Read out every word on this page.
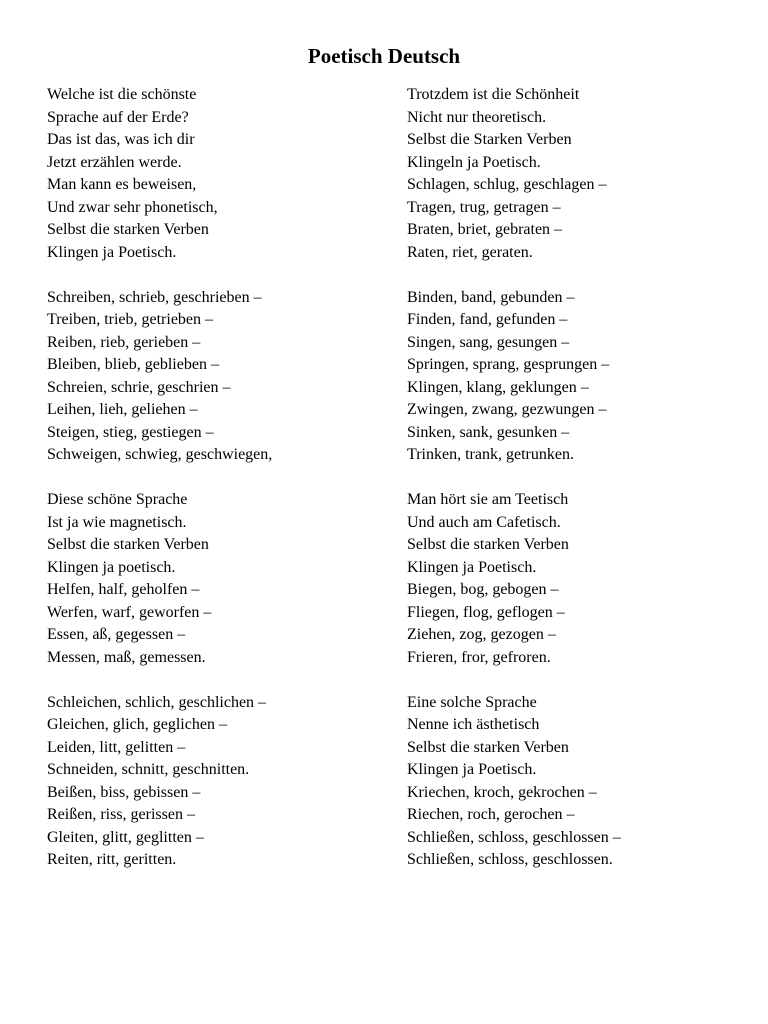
Poetisch Deutsch
Welche ist die schönste
Sprache auf der Erde?
Das ist das, was ich dir
Jetzt erzählen werde.
Man kann es beweisen,
Und zwar sehr phonetisch,
Selbst die starken Verben
Klingen ja Poetisch.
Schreiben, schrieb, geschrieben –
Treiben, trieb, getrieben –
Reiben, rieb, gerieben –
Bleiben, blieb, geblieben –
Schreien, schrie, geschrien –
Leihen, lieh, geliehen –
Steigen, stieg, gestiegen –
Schweigen, schwieg, geschwiegen,
Diese schöne Sprache
Ist ja wie magnetisch.
Selbst die starken Verben
Klingen ja poetisch.
Helfen, half, geholfen –
Werfen, warf, geworfen –
Essen, aß, gegessen –
Messen, maß, gemessen.
Schleichen, schlich, geschlichen –
Gleichen, glich, geglichen –
Leiden, litt, gelitten –
Schneiden, schnitt, geschnitten.
Beißen, biss, gebissen –
Reißen, riss, gerissen –
Gleiten, glitt, geglitten –
Reiten, ritt, geritten.
Trotzdem ist die Schönheit
Nicht nur theoretisch.
Selbst die Starken Verben
Klingeln ja Poetisch.
Schlagen, schlug, geschlagen –
Tragen, trug, getragen –
Braten, briet, gebraten –
Raten, riet, geraten.
Binden, band, gebunden –
Finden, fand, gefunden –
Singen, sang, gesungen –
Springen, sprang, gesprungen –
Klingen, klang, geklungen –
Zwingen, zwang, gezwungen –
Sinken, sank, gesunken –
Trinken, trank, getrunken.
Man hört sie am Teetisch
Und auch am Cafetisch.
Selbst die starken Verben
Klingen ja Poetisch.
Biegen, bog, gebogen –
Fliegen, flog, geflogen –
Ziehen, zog, gezogen –
Frieren, fror, gefroren.
Eine solche Sprache
Nenne ich ästhetisch
Selbst die starken Verben
Klingen ja Poetisch.
Kriechen, kroch, gekrochen –
Riechen, roch, gerochen –
Schließen, schloss, geschlossen –
Schließen, schloss, geschlossen.
